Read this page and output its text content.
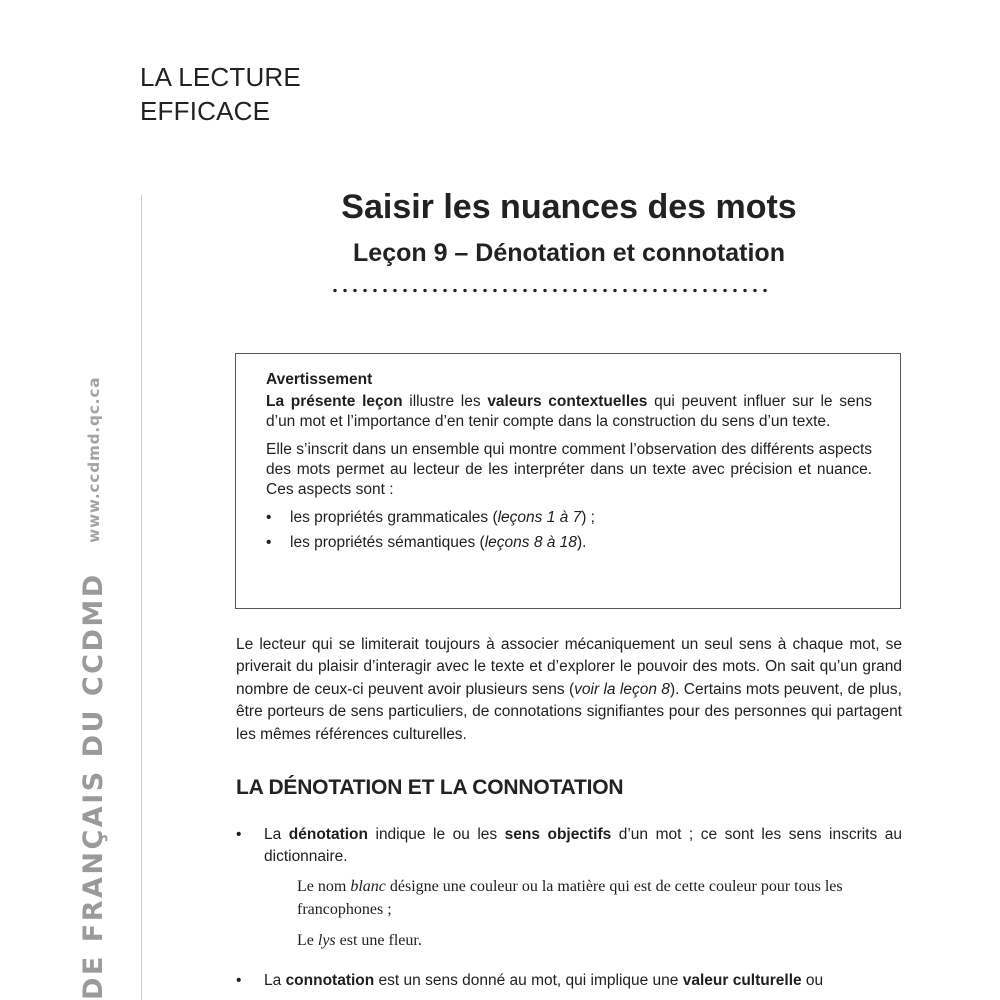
LA LECTURE
EFFICACE
DE FRANÇAIS DU CCDMD www.ccdmd.qc.ca
Saisir les nuances des mots
Leçon 9 – Dénotation et connotation
Avertissement

La présente leçon illustre les valeurs contextuelles qui peuvent influer sur le sens d’un mot et l’importance d’en tenir compte dans la construction du sens d’un texte.

Elle s’inscrit dans un ensemble qui montre comment l’observation des différents aspects des mots permet au lecteur de les interpréter dans un texte avec précision et nuance. Ces aspects sont :

• les propriétés grammaticales (leçons 1 à 7) ;
• les propriétés sémantiques (leçons 8 à 18).

Le lecteur qui se limiterait toujours à associer mécaniquement un seul sens à chaque mot, se priverait du plaisir d’interagir avec le texte et d’explorer le pouvoir des mots. On sait qu’un grand nombre de ceux-ci peuvent avoir plusieurs sens (voir la leçon 8). Certains mots peuvent, de plus, être porteurs de sens particuliers, de connotations signifiantes pour des personnes qui partagent les mêmes références culturelles.

LA DÉNOTATION ET LA CONNOTATION
• La dénotation indique le ou les sens objectifs d’un mot ; ce sont les sens inscrits au dictionnaire.
Le nom blanc désigne une couleur ou la matière qui est de cette couleur pour tous les francophones ;
Le lys est une fleur.
• La connotation est un sens donné au mot, qui implique une valeur culturelle ou
